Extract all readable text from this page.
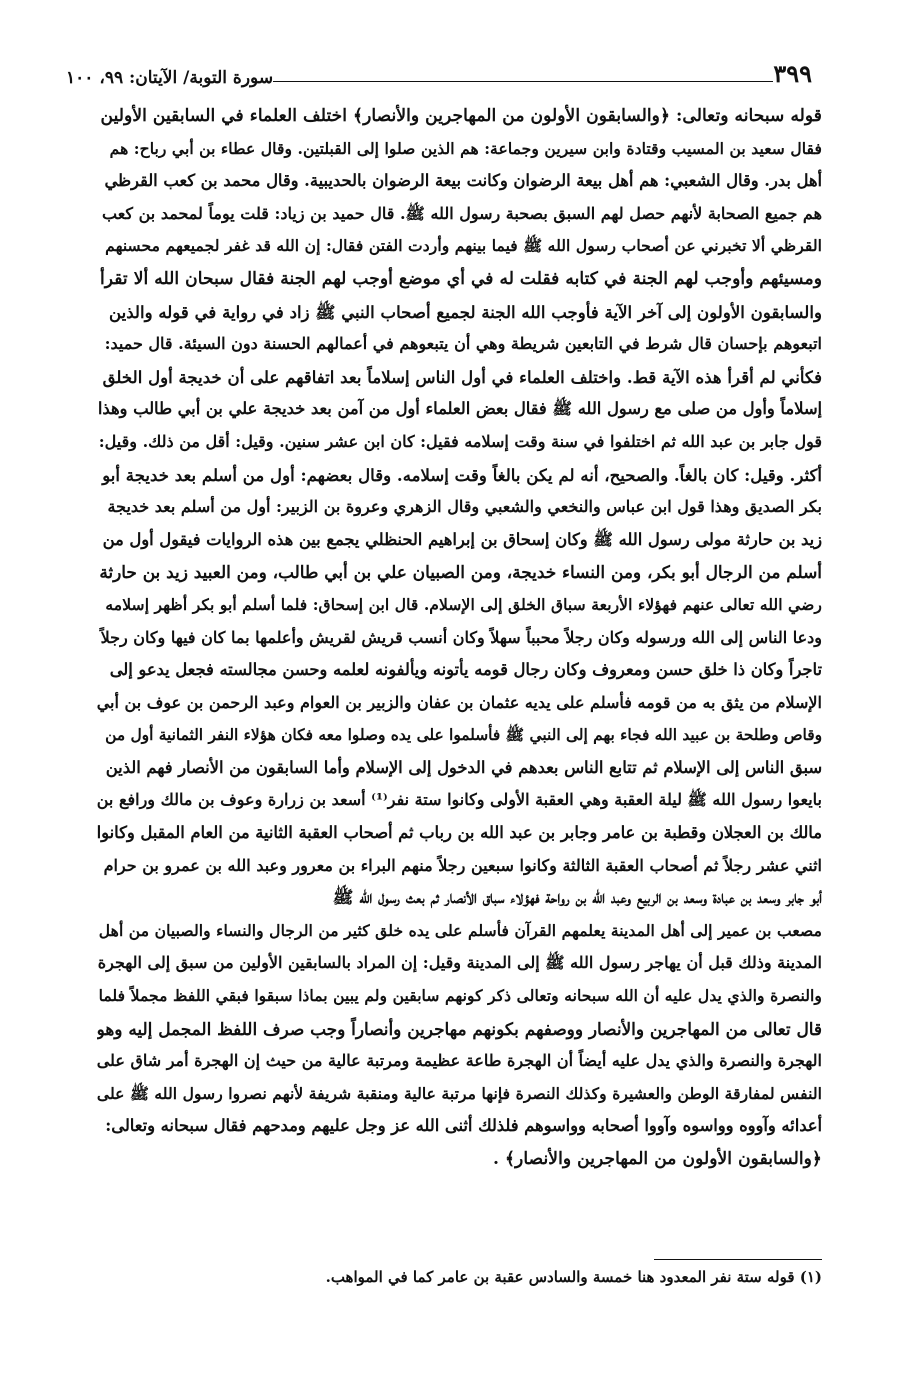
٣٩٩
سورة التوبة/ الآيتان: ٩٩، ١٠٠
قوله سبحانه وتعالى: ﴿والسابقون الأولون من المهاجرين والأنصار﴾ اختلف العلماء في السابقين الأولين
فقال سعيد بن المسيب وقتادة وابن سيرين وجماعة: هم الذين صلوا إلى القبلتين. وقال عطاء بن أبي رباح: هم
أهل بدر. وقال الشعبي: هم أهل بيعة الرضوان وكانت بيعة الرضوان بالحديبية. وقال محمد بن كعب القرظي
هم جميع الصحابة لأنهم حصل لهم السبق بصحبة رسول الله ﷺ. قال حميد بن زياد: قلت يوماً لمحمد بن كعب
القرظي ألا تخبرني عن أصحاب رسول الله ﷺ فيما بينهم وأردت الفتن فقال: إن الله قد غفر لجميعهم محسنهم
ومسيئهم وأوجب لهم الجنة في كتابه فقلت له في أي موضع أوجب لهم الجنة فقال سبحان الله ألا تقرأ
والسابقون الأولون إلى آخر الآية فأوجب الله الجنة لجميع أصحاب النبي ﷺ زاد في رواية في قوله والذين
اتبعوهم بإحسان قال شرط في التابعين شريطة وهي أن يتبعوهم في أعمالهم الحسنة دون السيئة. قال حميد:
فكأني لم أقرأ هذه الآية قط. واختلف العلماء في أول الناس إسلاماً بعد اتفاقهم على أن خديجة أول الخلق
إسلاماً وأول من صلى مع رسول الله ﷺ فقال بعض العلماء أول من آمن بعد خديجة علي بن أبي طالب وهذا
قول جابر بن عبد الله ثم اختلفوا في سنة وقت إسلامه فقيل: كان ابن عشر سنين. وقيل: أقل من ذلك. وقيل:
أكثر. وقيل: كان بالغاً. والصحيح، أنه لم يكن بالغاً وقت إسلامه. وقال بعضهم: أول من أسلم بعد خديجة أبو
بكر الصديق وهذا قول ابن عباس والنخعي والشعبي وقال الزهري وعروة بن الزبير: أول من أسلم بعد خديجة
زيد بن حارثة مولى رسول الله ﷺ وكان إسحاق بن إبراهيم الحنظلي يجمع بين هذه الروايات فيقول أول من
أسلم من الرجال أبو بكر، ومن النساء خديجة، ومن الصبيان علي بن أبي طالب، ومن العبيد زيد بن حارثة
رضي الله تعالى عنهم فهؤلاء الأربعة سباق الخلق إلى الإسلام. قال ابن إسحاق: فلما أسلم أبو بكر أظهر إسلامه
ودعا الناس إلى الله ورسوله وكان رجلاً محبباً سهلاً وكان أنسب قريش لقريش وأعلمها بما كان فيها وكان رجلاً
تاجراً وكان ذا خلق حسن ومعروف وكان رجال قومه يأتونه ويألفونه لعلمه وحسن مجالسته فجعل يدعو إلى
الإسلام من يثق به من قومه فأسلم على يديه عثمان بن عفان والزبير بن العوام وعبد الرحمن بن عوف بن أبي
وقاص وطلحة بن عبيد الله فجاء بهم إلى النبي ﷺ فأسلموا على يده وصلوا معه فكان هؤلاء النفر الثمانية أول من
سبق الناس إلى الإسلام ثم تتابع الناس بعدهم في الدخول إلى الإسلام وأما السابقون من الأنصار فهم الذين
بايعوا رسول الله ﷺ ليلة العقبة وهي العقبة الأولى وكانوا ستة نفر⁽¹⁾ أسعد بن زرارة وعوف بن مالك ورافع بن
مالك بن العجلان وقطبة بن عامر وجابر بن عبد الله بن رباب ثم أصحاب العقبة الثانية من العام المقبل وكانوا
اثني عشر رجلاً ثم أصحاب العقبة الثالثة وكانوا سبعين رجلاً منهم البراء بن معرور وعبد الله بن عمرو بن حرام
أبو جابر وسعد بن عبادة وسعد بن الربيع وعبد الله بن رواحة فهؤلاء سباق الأنصار ثم بعث رسول الله ﷺ
مصعب بن عمير إلى أهل المدينة يعلمهم القرآن فأسلم على يده خلق كثير من الرجال والنساء والصبيان من أهل
المدينة وذلك قبل أن يهاجر رسول الله ﷺ إلى المدينة وقيل: إن المراد بالسابقين الأولين من سبق إلى الهجرة
والنصرة والذي يدل عليه أن الله سبحانه وتعالى ذكر كونهم سابقين ولم يبين بماذا سبقوا فبقي اللفظ مجملاً فلما
قال تعالى من المهاجرين والأنصار ووصفهم بكونهم مهاجرين وأنصاراً وجب صرف اللفظ المجمل إليه وهو
الهجرة والنصرة والذي يدل عليه أيضاً أن الهجرة طاعة عظيمة ومرتبة عالية من حيث إن الهجرة أمر شاق على
النفس لمفارقة الوطن والعشيرة وكذلك النصرة فإنها مرتبة عالية ومنقبة شريفة لأنهم نصروا رسول الله ﷺ على
أعدائه وآووه وواسوه وآووا أصحابه وواسوهم فلذلك أثنى الله عز وجل عليهم ومدحهم فقال سبحانه وتعالى:
﴿والسابقون الأولون من المهاجرين والأنصار﴾ .
(١) قوله ستة نفر المعدود هنا خمسة والسادس عقبة بن عامر كما في المواهب.
